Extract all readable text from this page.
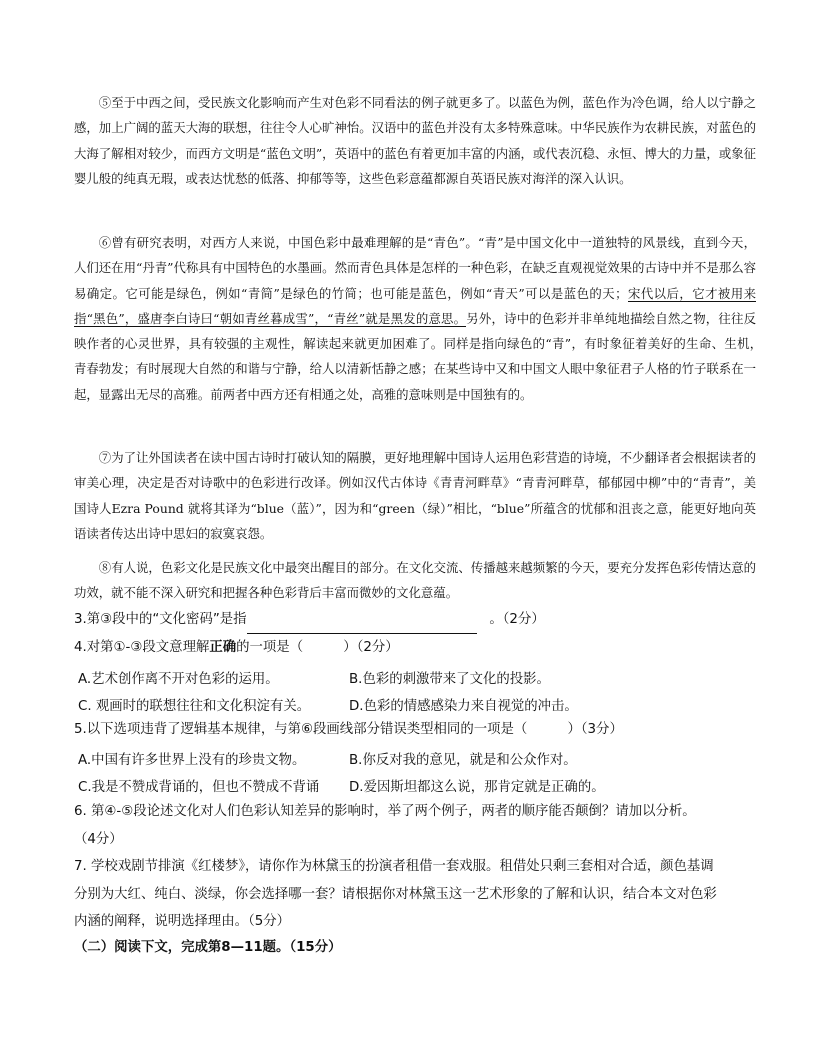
⑤至于中西之间，受民族文化影响而产生对色彩不同看法的例子就更多了。以蓝色为例，蓝色作为冷色调，给人以宁静之感，加上广阔的蓝天大海的联想，往往令人心旷神怡。汉语中的蓝色并没有太多特殊意味。中华民族作为农耕民族，对蓝色的大海了解相对较少，而西方文明是“蓝色文明”，英语中的蓝色有着更加丰富的内涵，或代表沉稳、永恒、博大的力量，或象征婴儿般的纯真无瑕，或表达忧愁的低落、抑郁等等，这些色彩意蕴都源自英语民族对海洋的深入认识。
⑥曾有研究表明，对西方人来说，中国色彩中最难理解的是“青色”。“青”是中国文化中一道独特的风景线，直到今天，人们还在用“丹青”代称具有中国特色的水墨画。然而青色具体是怎样的一种色彩，在缺乏直观视觉效果的古诗中并不是那么容易确定。它可能是绿色，例如“青简”是绿色的竹简；也可能是蓝色，例如“青天”可以是蓝色的天；宋代以后，它才被用来指“黑色”，盛唐李白诗曰“朝如青丝暮成雪”，“青丝”就是黑发的意思。另外，诗中的色彩并非单纯地描绘自然之物，往往反映作者的心灵世界，具有较强的主观性，解读起来就更加困难了。同样是指向绿色的“青”，有时象征着美好的生命、生机，　青春勃发；有时展现大自然的和谐与宁静，给人以清新恬静之感；在某些诗中又和中国文人眼中象征君子人格的竹子联系在一起，显露出无尽的高雅。前两者中西方还有相通之处，高雅的意味则是中国独有的。
⑦为了让外国读者在读中国古诗时打破认知的隔膜，更好地理解中国诗人运用色彩营造的诗境，不少翻译者会根据读者的审美心理，决定是否对诗歌中的色彩进行改译。例如汉代古体诗《青青河畔草》“青青河畔草，郁郁园中柳”中的“青青”，美国诗人Ezra Pound 就将其译为“blue（蓝）”，因为和“green（绿）”相比，“blue”所蕴含的忧郁和沮丧之意，能更好地向英语读者传达出诗中思妇的寂寞哀怨。
⑧有人说，色彩文化是民族文化中最突出醒目的部分。在文化交流、传播越来越频繁的今天，要充分发挥色彩传情达意的功效，就不能不深入研究和把握各种色彩背后丰富而微妙的文化意蕴。
3.第③段中的“文化密码”是指	。（2分）
4.对第①-③段文意理解正确的一项是（　　　）（2分）
A.艺术创作离不开对色彩的运用。	B.色彩的刺激带来了文化的投影。
C. 观画时的联想往往和文化积淀有关。	D.色彩的情感感染力来自视觉的冲击。
5.以下选项违背了逻辑基本规律，与第⑥段画线部分错误类型相同的一项是（　　　）（3分）
A.中国有许多世界上没有的珍贵文物。	B.你反对我的意见，就是和公众作对。
C.我是不赞成背诵的，但也不赞成不背诵 D.爱因斯坦都这么说，那肯定就是正确的。
6. 第④-⑤段论述文化对人们色彩认知差异的影响时，举了两个例子，两者的顺序能否颠倒？请加以分析。
（4分）
7. 学校戏剧节排演《红楼梦》，请你作为林黛玉的扮演者租借一套戏服。租借处只剩三套相对合适，颜色基调
分别为大红、纯白、淡绿，你会选择哪一套？请根据你对林黛玉这一艺术形象的了解和认识，结合本文对色彩
内涵的阐释，说明选择理由。（5分）
（二）阅读下文，完成第8—11题。（15分）
